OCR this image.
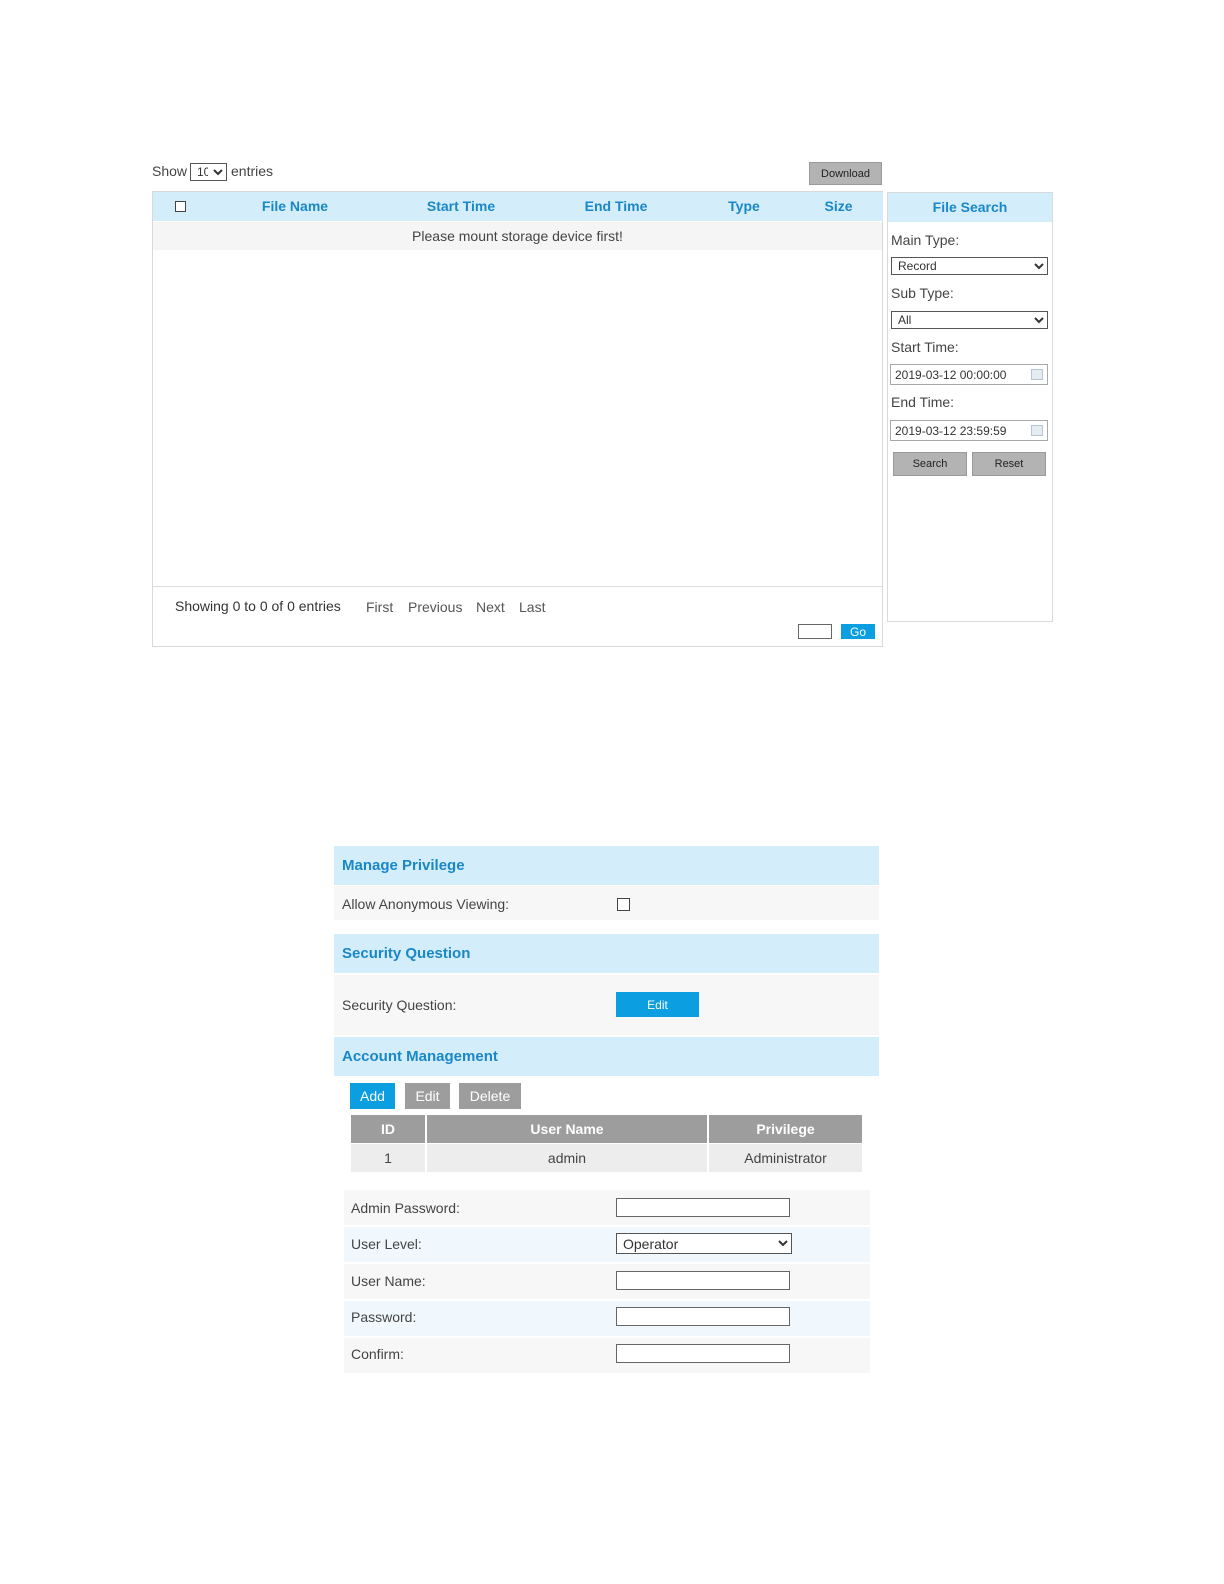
Show
10	entries	Download
File Name	Start Time	End Time	Type	Size
Please mount storage device first!
Showing 0 to 0 of 0 entries First Previous Next Last
Go
File Search
Main Type:
Record
Sub Type:
All
Start Time:
2019-03-12 00:00:00
End Time:
2019-03-12 23:59:59
Search	Reset
Manage Privilege
Allow Anonymous Viewing:
Security Question
Security Question:	Edit
Account Management
Add	Edit	Delete
ID	User Name	Privilege
1	admin	Administrator
Admin Password:
User Level:
Operator
User Name:
Password:
Confirm:
